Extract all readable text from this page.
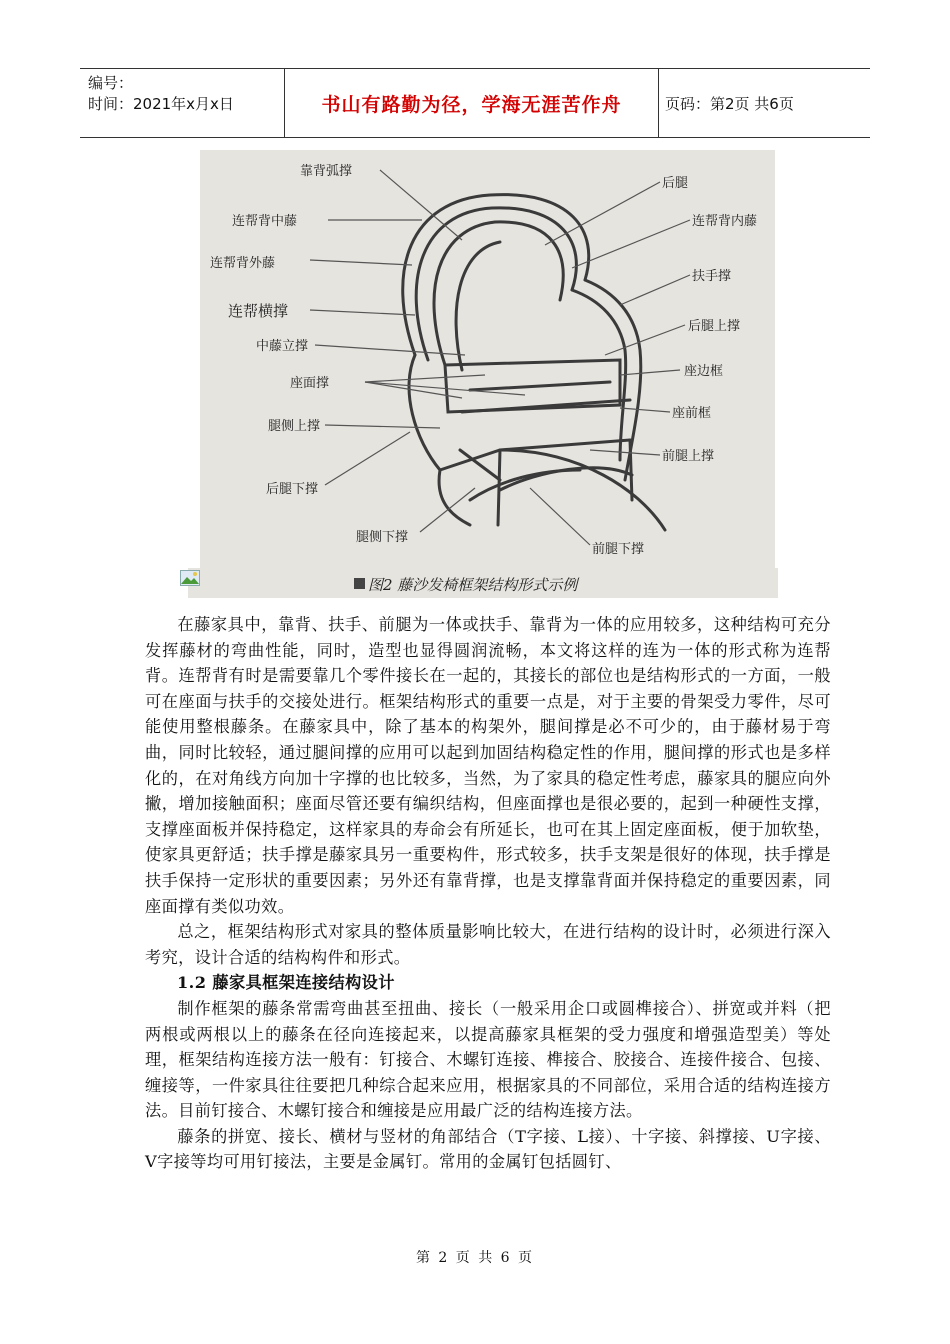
编号：
时间：2021年x月x日	书山有路勤为径，学海无涯苦作舟	页码：第2页 共6页
靠背弧撑
后腿
连帮背中藤	连帮背内藤
连帮背外藤
扶手撑
连帮横撑
后腿上撑
中藤立撑
座边框
座面撑
座前框
腿侧上撑
前腿上撑
后腿下撑
腿侧下撑
前腿下撑
图2 藤沙发椅框架结构形式示例

在藤家具中，靠背、扶手、前腿为一体或扶手、靠背为一体的应用较多，这种结构可充分发挥藤材的弯曲性能，同时，造型也显得圆润流畅，本文将这样的连为一体的形式称为连帮背。连帮背有时是需要靠几个零件接长在一起的，其接长的部位也是结构形式的一方面，一般可在座面与扶手的交接处进行。框架结构形式的重要一点是，对于主要的骨架受力零件，尽可能使用整根藤条。在藤家具中，除了基本的构架外，腿间撑是必不可少的，由于藤材易于弯曲，同时比较轻，通过腿间撑的应用可以起到加固结构稳定性的作用，腿间撑的形式也是多样化的，在对角线方向加十字撑的也比较多，当然，为了家具的稳定性考虑，藤家具的腿应向外撇，增加接触面积；座面尽管还要有编织结构，但座面撑也是很必要的，起到一种硬性支撑，支撑座面板并保持稳定，这样家具的寿命会有所延长，也可在其上固定座面板，便于加软垫，使家具更舒适；扶手撑是藤家具另一重要构件，形式较多，扶手支架是很好的体现，扶手撑是扶手保持一定形状的重要因素；另外还有靠背撑，也是支撑靠背面并保持稳定的重要因素，同座面撑有类似功效。

总之，框架结构形式对家具的整体质量影响比较大，在进行结构的设计时，必须进行深入考究，设计合适的结构构件和形式。

1.2 藤家具框架连接结构设计

制作框架的藤条常需弯曲甚至扭曲、接长（一般采用企口或圆榫接合）、拼宽或并料（把两根或两根以上的藤条在径向连接起来，以提高藤家具框架的受力强度和增强造型美）等处理，框架结构连接方法一般有：钉接合、木螺钉连接、榫接合、胶接合、连接件接合、包接、缠接等，一件家具往往要把几种综合起来应用，根据家具的不同部位，采用合适的结构连接方法。目前钉接合、木螺钉接合和缠接是应用最广泛的结构连接方法。

藤条的拼宽、接长、横材与竖材的角部结合（T字接、L接）、十字接、斜撑接、U字接、V字接等均可用钉接法，主要是金属钉。常用的金属钉包括圆钉、

第 2 页 共 6 页
